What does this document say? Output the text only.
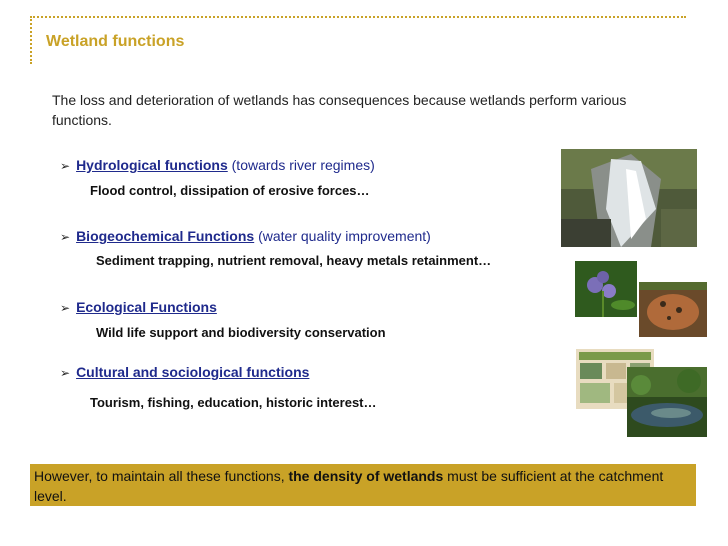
Wetland functions
The loss and deterioration of wetlands has consequences because wetlands perform various functions.
➢ Hydrological functions (towards river regimes)
Flood control, dissipation of erosive forces…
➢ Biogeochemical Functions (water quality improvement)
Sediment trapping, nutrient removal, heavy metals retainment…
➢ Ecological Functions
Wild life support and biodiversity conservation
➢ Cultural and sociological functions
Tourism, fishing, education, historic interest…
However, to maintain all these functions, the density of wetlands must be sufficient at the catchment level.
